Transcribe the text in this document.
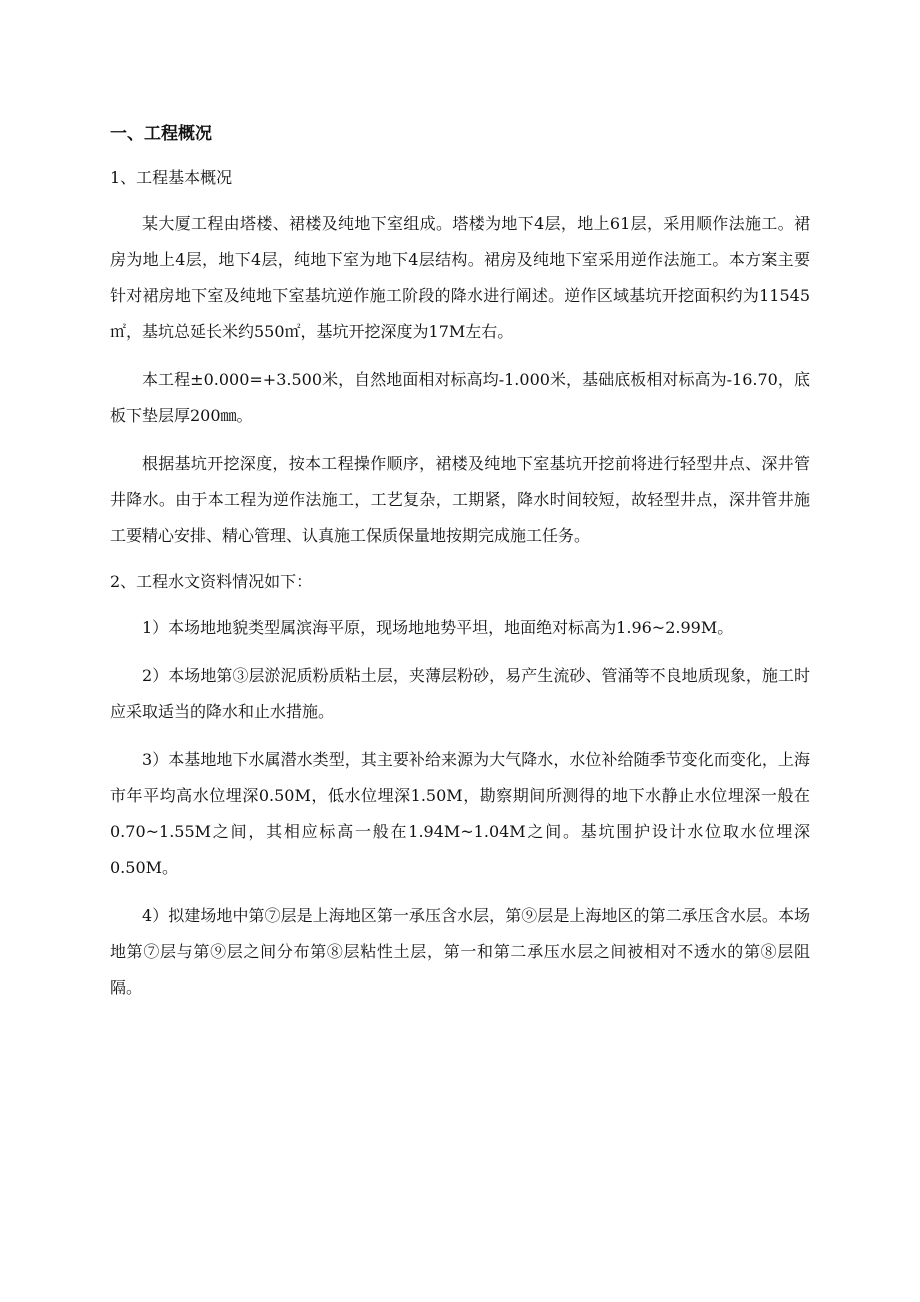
一、工程概况
1、工程基本概况

某大厦工程由塔楼、裙楼及纯地下室组成。塔楼为地下4层，地上61层，采用顺作法施工。裙房为地上4层，地下4层，纯地下室为地下4层结构。裙房及纯地下室采用逆作法施工。本方案主要针对裙房地下室及纯地下室基坑逆作施工阶段的降水进行阐述。逆作区域基坑开挖面积约为11545㎡，基坑总延长米约550㎡，基坑开挖深度为17M左右。

本工程±0.000=+3.500米，自然地面相对标高均-1.000米，基础底板相对标高为-16.70，底板下垫层厚200㎜。

根据基坑开挖深度，按本工程操作顺序，裙楼及纯地下室基坑开挖前将进行轻型井点、深井管井降水。由于本工程为逆作法施工，工艺复杂，工期紧，降水时间较短，故轻型井点，深井管井施工要精心安排、精心管理、认真施工保质保量地按期完成施工任务。

2、工程水文资料情况如下：

1）本场地地貌类型属滨海平原，现场地地势平坦，地面绝对标高为1.96~2.99M。

2）本场地第③层淤泥质粉质粘土层，夹薄层粉砂，易产生流砂、管涌等不良地质现象，施工时应采取适当的降水和止水措施。

3）本基地地下水属潜水类型，其主要补给来源为大气降水，水位补给随季节变化而变化，上海市年平均高水位埋深0.50M，低水位埋深1.50M，勘察期间所测得的地下水静止水位埋深一般在0.70~1.55M之间，其相应标高一般在1.94M~1.04M之间。基坑围护设计水位取水位埋深0.50M。

4）拟建场地中第⑦层是上海地区第一承压含水层，第⑨层是上海地区的第二承压含水层。本场地第⑦层与第⑨层之间分布第⑧层粘性土层，第一和第二承压水层之间被相对不透水的第⑧层阻隔。
